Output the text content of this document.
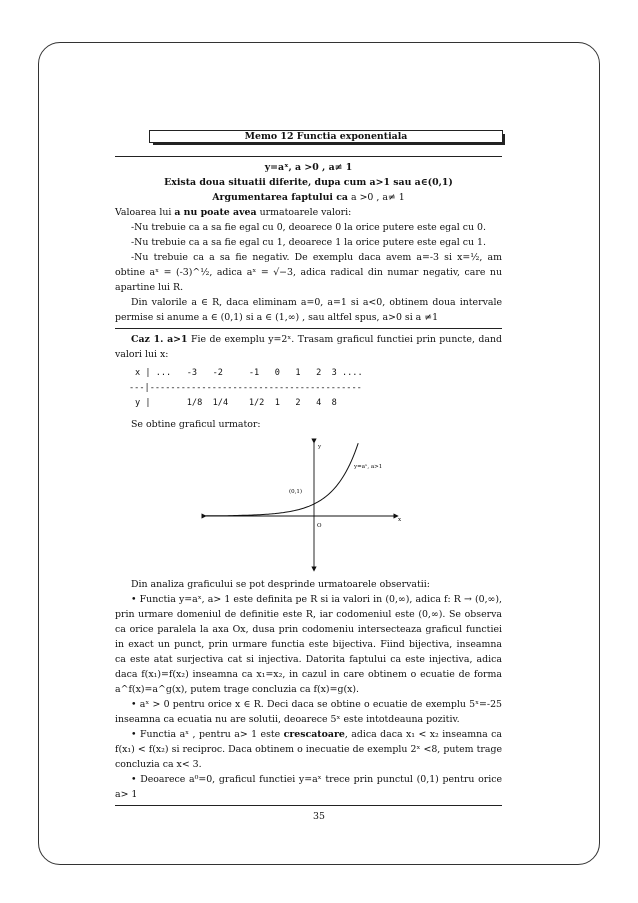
Memo 12 Functia exponentiala

y=aˣ, a >0 , a≠ 1

Exista doua situatii diferite, dupa cum a>1 sau a∈(0,1)

Argumentarea faptului ca a >0 , a≠ 1

Valoarea lui a nu poate avea urmatoarele valori:

-Nu trebuie ca a sa fie egal cu 0, deoarece 0 la orice putere este egal cu 0.

-Nu trebuie ca a sa fie egal cu 1, deoarece 1 la orice putere este egal cu 1.

-Nu trebuie ca a sa fie negativ. De exemplu daca avem a=-3 si x=½, am obtine aˣ = (-3)^½, adica aˣ = √−3, adica radical din numar negativ, care nu apartine lui R.

Din valorile a ∈ R, daca eliminam a=0, a=1 si a<0, obtinem doua intervale permise si anume a ∈ (0,1) si a ∈ (1,∞) , sau altfel spus, a>0 si a ≠1

Caz 1. a>1 Fie de exemplu y=2ˣ. Trasam graficul functiei prin puncte, dand valori lui x:

x | ...   -3   -2     -1   0   1   2  3 ....
---|-----------------------------------------
y |       1/8  1/4    1/2  1   2   4  8

Se obtine graficul urmator:

y
x
O
(0,1)
y=aˣ, a>1

Din analiza graficului se pot desprinde urmatoarele observatii:

• Functia y=aˣ, a> 1 este definita pe R si ia valori in (0,∞), adica f: R → (0,∞), prin urmare domeniul de definitie este R, iar codomeniul este (0,∞). Se observa ca orice paralela la axa Ox, dusa prin codomeniu intersecteaza graficul functiei in exact un punct, prin urmare functia este bijectiva. Fiind bijectiva, inseamna ca este atat surjectiva cat si injectiva. Datorita faptului ca este injectiva, adica daca f(x₁)=f(x₂) inseamna ca x₁=x₂, in cazul in care obtinem o ecuatie de forma a^f(x)=a^g(x), putem trage concluzia ca f(x)=g(x).

• aˣ > 0 pentru orice x ∈ R. Deci daca se obtine o ecuatie de exemplu 5ˣ=-25 inseamna ca ecuatia nu are solutii, deoarece 5ˣ este intotdeauna pozitiv.

• Functia aˣ , pentru a> 1 este crescatoare, adica daca x₁ < x₂ inseamna ca f(x₁) < f(x₂) si reciproc. Daca obtinem o inecuatie de exemplu 2ˣ <8, putem trage concluzia ca x< 3.

• Deoarece a⁰=0, graficul functiei y=aˣ trece prin punctul (0,1) pentru orice a> 1

35
